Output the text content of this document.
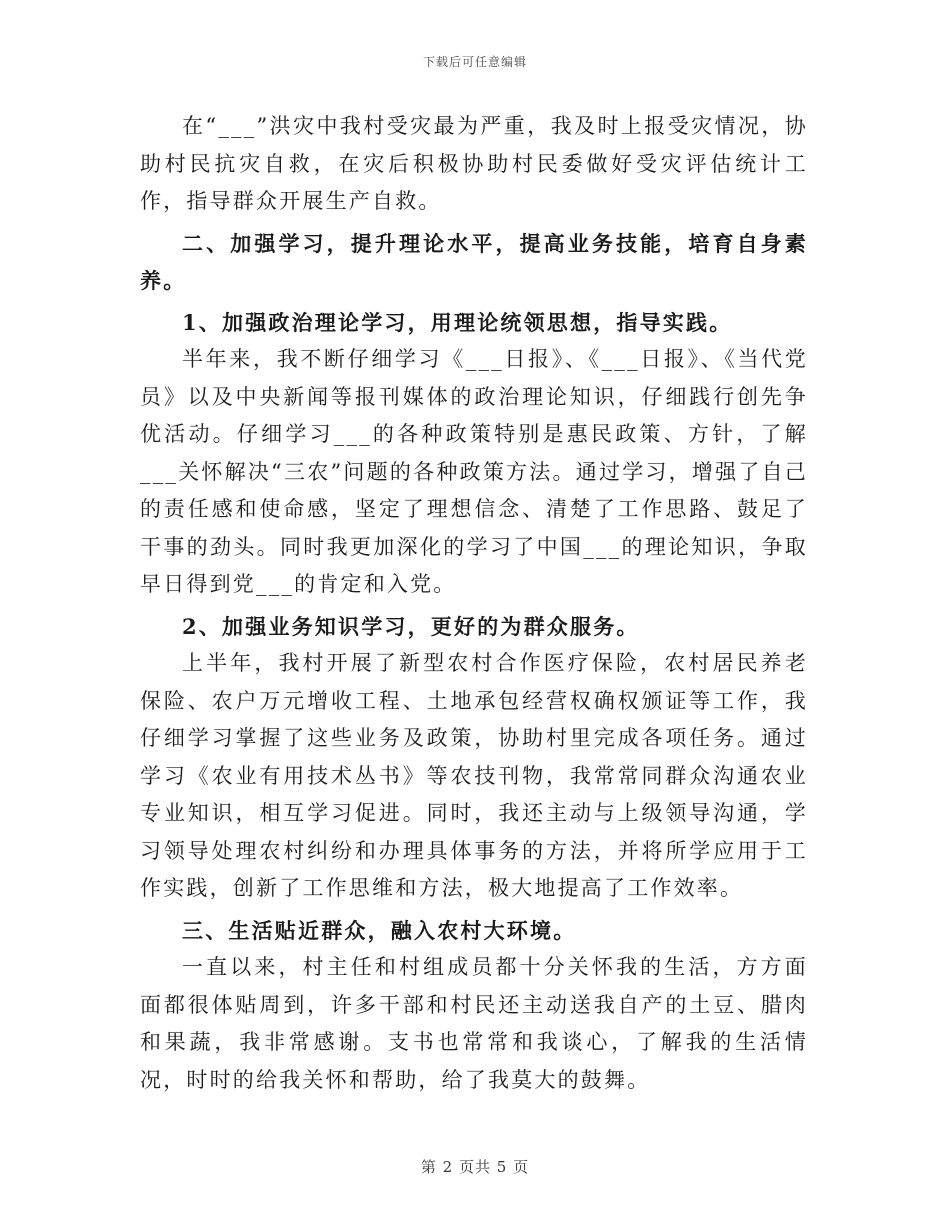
下载后可任意编辑

在“___”洪灾中我村受灾最为严重，我及时上报受灾情况，协助村民抗灾自救，在灾后积极协助村民委做好受灾评估统计工作，指导群众开展生产自救。

二、加强学习，提升理论水平，提高业务技能，培育自身素养。

1、加强政治理论学习，用理论统领思想，指导实践。

半年来，我不断仔细学习《___日报》、《___日报》、《当代党员》以及中央新闻等报刊媒体的政治理论知识，仔细践行创先争优活动。仔细学习___的各种政策特别是惠民政策、方针，了解___关怀解决“三农”问题的各种政策方法。通过学习，增强了自己的责任感和使命感，坚定了理想信念、清楚了工作思路、鼓足了干事的劲头。同时我更加深化的学习了中国___的理论知识，争取早日得到党___的肯定和入党。

2、加强业务知识学习，更好的为群众服务。

上半年，我村开展了新型农村合作医疗保险，农村居民养老保险、农户万元增收工程、土地承包经营权确权颁证等工作，我仔细学习掌握了这些业务及政策，协助村里完成各项任务。通过学习《农业有用技术丛书》等农技刊物，我常常同群众沟通农业专业知识，相互学习促进。同时，我还主动与上级领导沟通，学习领导处理农村纠纷和办理具体事务的方法，并将所学应用于工作实践，创新了工作思维和方法，极大地提高了工作效率。

三、生活贴近群众，融入农村大环境。

一直以来，村主任和村组成员都十分关怀我的生活，方方面面都很体贴周到，许多干部和村民还主动送我自产的土豆、腊肉和果蔬，我非常感谢。支书也常常和我谈心，了解我的生活情况，时时的给我关怀和帮助，给了我莫大的鼓舞。

第 2 页共 5 页
